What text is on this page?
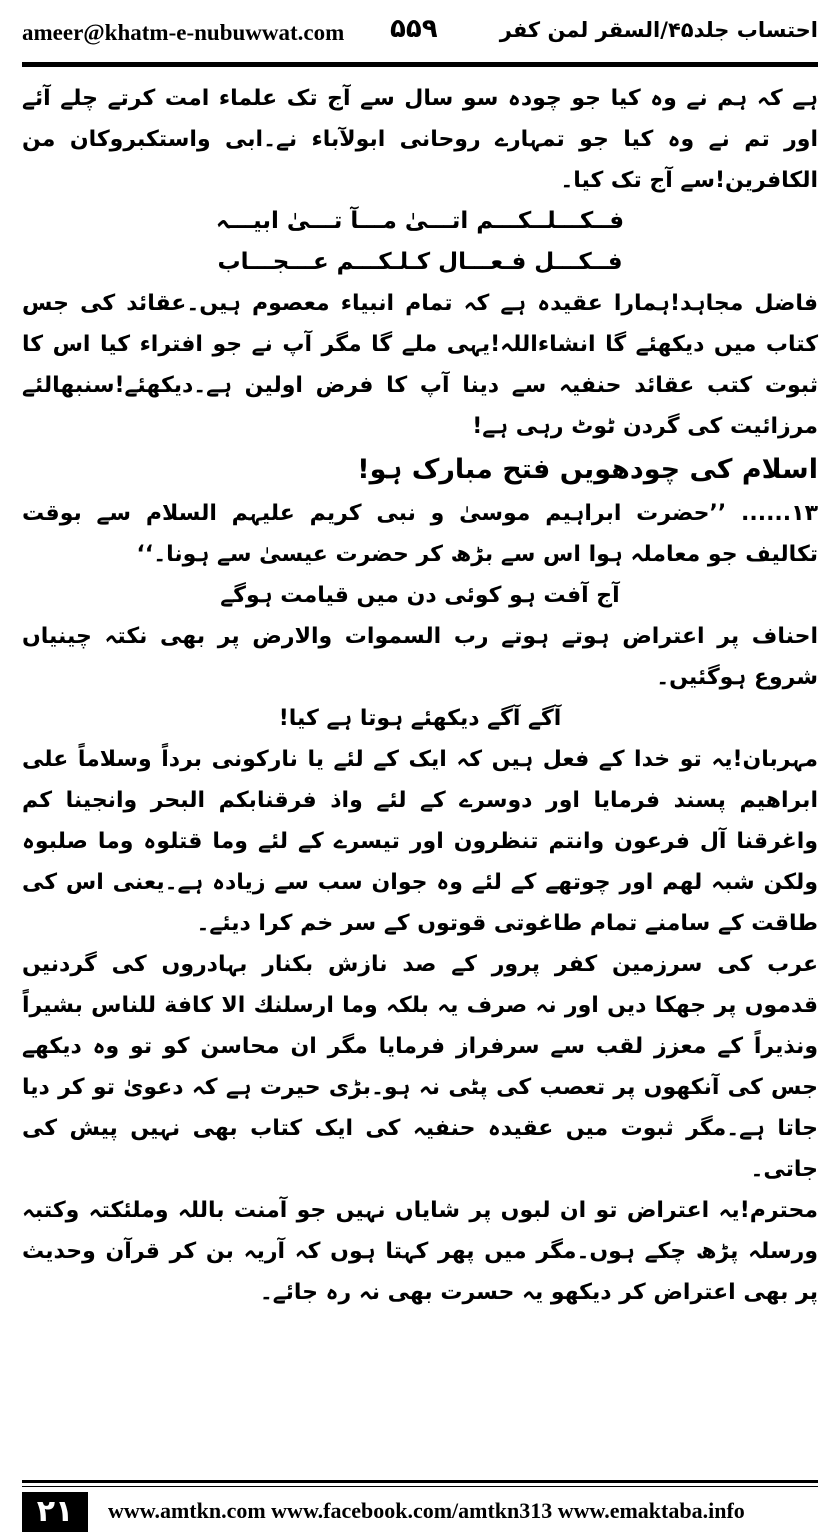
ameer@khatm-e-nubuwwat.com ۵۵۹	احتساب جلد۴۵/السقر لمن کفر

ہے کہ ہم نے وہ کیا جو چودہ سو سال سے آج تک علماء امت کرتے چلے آئے اور تم نے وہ کیا جو تمہارے روحانی ابولآباء نے۔ابی واستکبروکان من الکافرین!سے آج تک کیا۔

فــکـــلــکـــم اتـــیٰ مـــآ تـــیٰ ابیـــہ

فــکـــل فـعـــال کـلـکـــم عـــجـــاب

فاضل مجاہد!ہمارا عقیدہ ہے کہ تمام انبیاء معصوم ہیں۔عقائد کی جس کتاب میں دیکھئے گا انشاءاللہ!یہی ملے گا مگر آپ نے جو افتراء کیا اس کا ثبوت کتب عقائد حنفیہ سے دینا آپ کا فرض اولین ہے۔دیکھئے!سنبھالئے مرزائیت کی گردن ٹوٹ رہی ہے!

اسلام کی چودھویں فتح مبارک ہو!

۱۳...... ’’حضرت ابراہیم موسیٰ و نبی کریم علیہم السلام سے بوقت تکالیف جو معاملہ ہوا اس سے بڑھ کر حضرت عیسیٰ سے ہونا۔‘‘

آج آفت ہو کوئی دن میں قیامت ہوگے

احناف پر اعتراض ہوتے ہوتے رب السموات والارض پر بھی نکتہ چینیاں شروع ہوگئیں۔

آگے آگے دیکھئے ہوتا ہے کیا!

مہربان!یہ تو خدا کے فعل ہیں کہ ایک کے لئے یا نارکونی برداً وسلاماً علی ابراھیم پسند فرمایا اور دوسرے کے لئے واذ فرقنابکم البحر وانجینا کم واغرقنا آل فرعون وانتم تنظرون اور تیسرے کے لئے وما قتلوہ وما صلبوہ ولکن شبہ لھم اور چوتھے کے لئے وہ جوان سب سے زیادہ ہے۔یعنی اس کی طاقت کے سامنے تمام طاغوتی قوتوں کے سر خم کرا دیئے۔

عرب کی سرزمین کفر پرور کے صد نازش بکنار بہادروں کی گردنیں قدموں پر جھکا دیں اور نہ صرف یہ بلکہ وما ارسلنك الا کافة للناس بشیراً ونذیراً کے معزز لقب سے سرفراز فرمایا مگر ان محاسن کو تو وہ دیکھے جس کی آنکھوں پر تعصب کی پٹی نہ ہو۔بڑی حیرت ہے کہ دعویٰ تو کر دیا جاتا ہے۔مگر ثبوت میں عقیدہ حنفیہ کی ایک کتاب بھی نہیں پیش کی جاتی۔

محترم!یہ اعتراض تو ان لبوں پر شایاں نہیں جو آمنت باللہ وملئکتہ وکتبہ ورسلہ پڑھ چکے ہوں۔مگر میں پھر کہتا ہوں کہ آریہ بن کر قرآن وحدیث پر بھی اعتراض کر دیکھو یہ حسرت بھی نہ رہ جائے۔

۲۱	www.amtkn.com www.facebook.com/amtkn313 www.emaktaba.info
